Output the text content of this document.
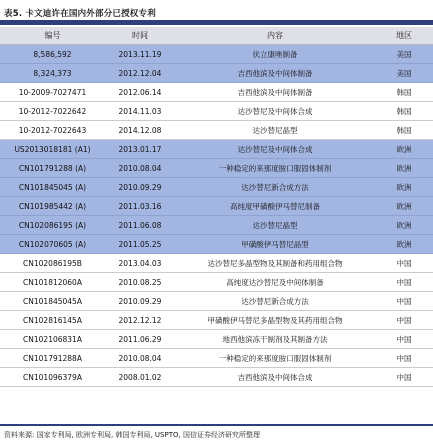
表5. 卡文迪许在国内外部分已授权专利
编号	时间	内容	地区
8,586,592	2013.11.19	伏立康唑制备	美国
8,324,373	2012.12.04	吉西他滨及中间体制备	美国
10-2009-7027471	2012.06.14	吉西他滨及中间体制备	韩国
10-2012-7022642	2014.11.03	达沙替尼及中间体合成	韩国
10-2012-7022643	2014.12.08	达沙替尼晶型	韩国
US2013018181 (A1)	2013.01.17	达沙替尼及中间体合成	欧洲
CN101791288 (A)	2010.08.04	一种稳定的来那度胺口服固体制剂	欧洲
CN101845045 (A)	2010.09.29	达沙替尼新合成方法	欧洲
CN101985442 (A)	2011.03.16	高纯度甲磺酸伊马替尼制备	欧洲
CN102086195 (A)	2011.06.08	达沙替尼晶型	欧洲
CN102070605 (A)	2011.05.25	甲磺酸伊马替尼晶型	欧洲
CN102086195B	2013.04.03	达沙替尼多晶型物及其制备和药用组合物	中国
CN101812060A	2010.08.25	高纯度达沙替尼及中间体制备	中国
CN101845045A	2010.09.29	达沙替尼新合成方法	中国
CN102816145A	2012.12.12	甲磺酸伊马替尼多晶型物及其药用组合物	中国
CN102106831A	2011.06.29	地西他滨冻干制剂及其制备方法	中国
CN101791288A	2010.08.04	一种稳定的来那度胺口服固体制剂	中国
CN101096379A	2008.01.02	吉西他滨及中间体合成	中国
资料来源: 国家专利局, 欧洲专利局, 韩国专利局, USPTO, 国信证券经济研究所整理
